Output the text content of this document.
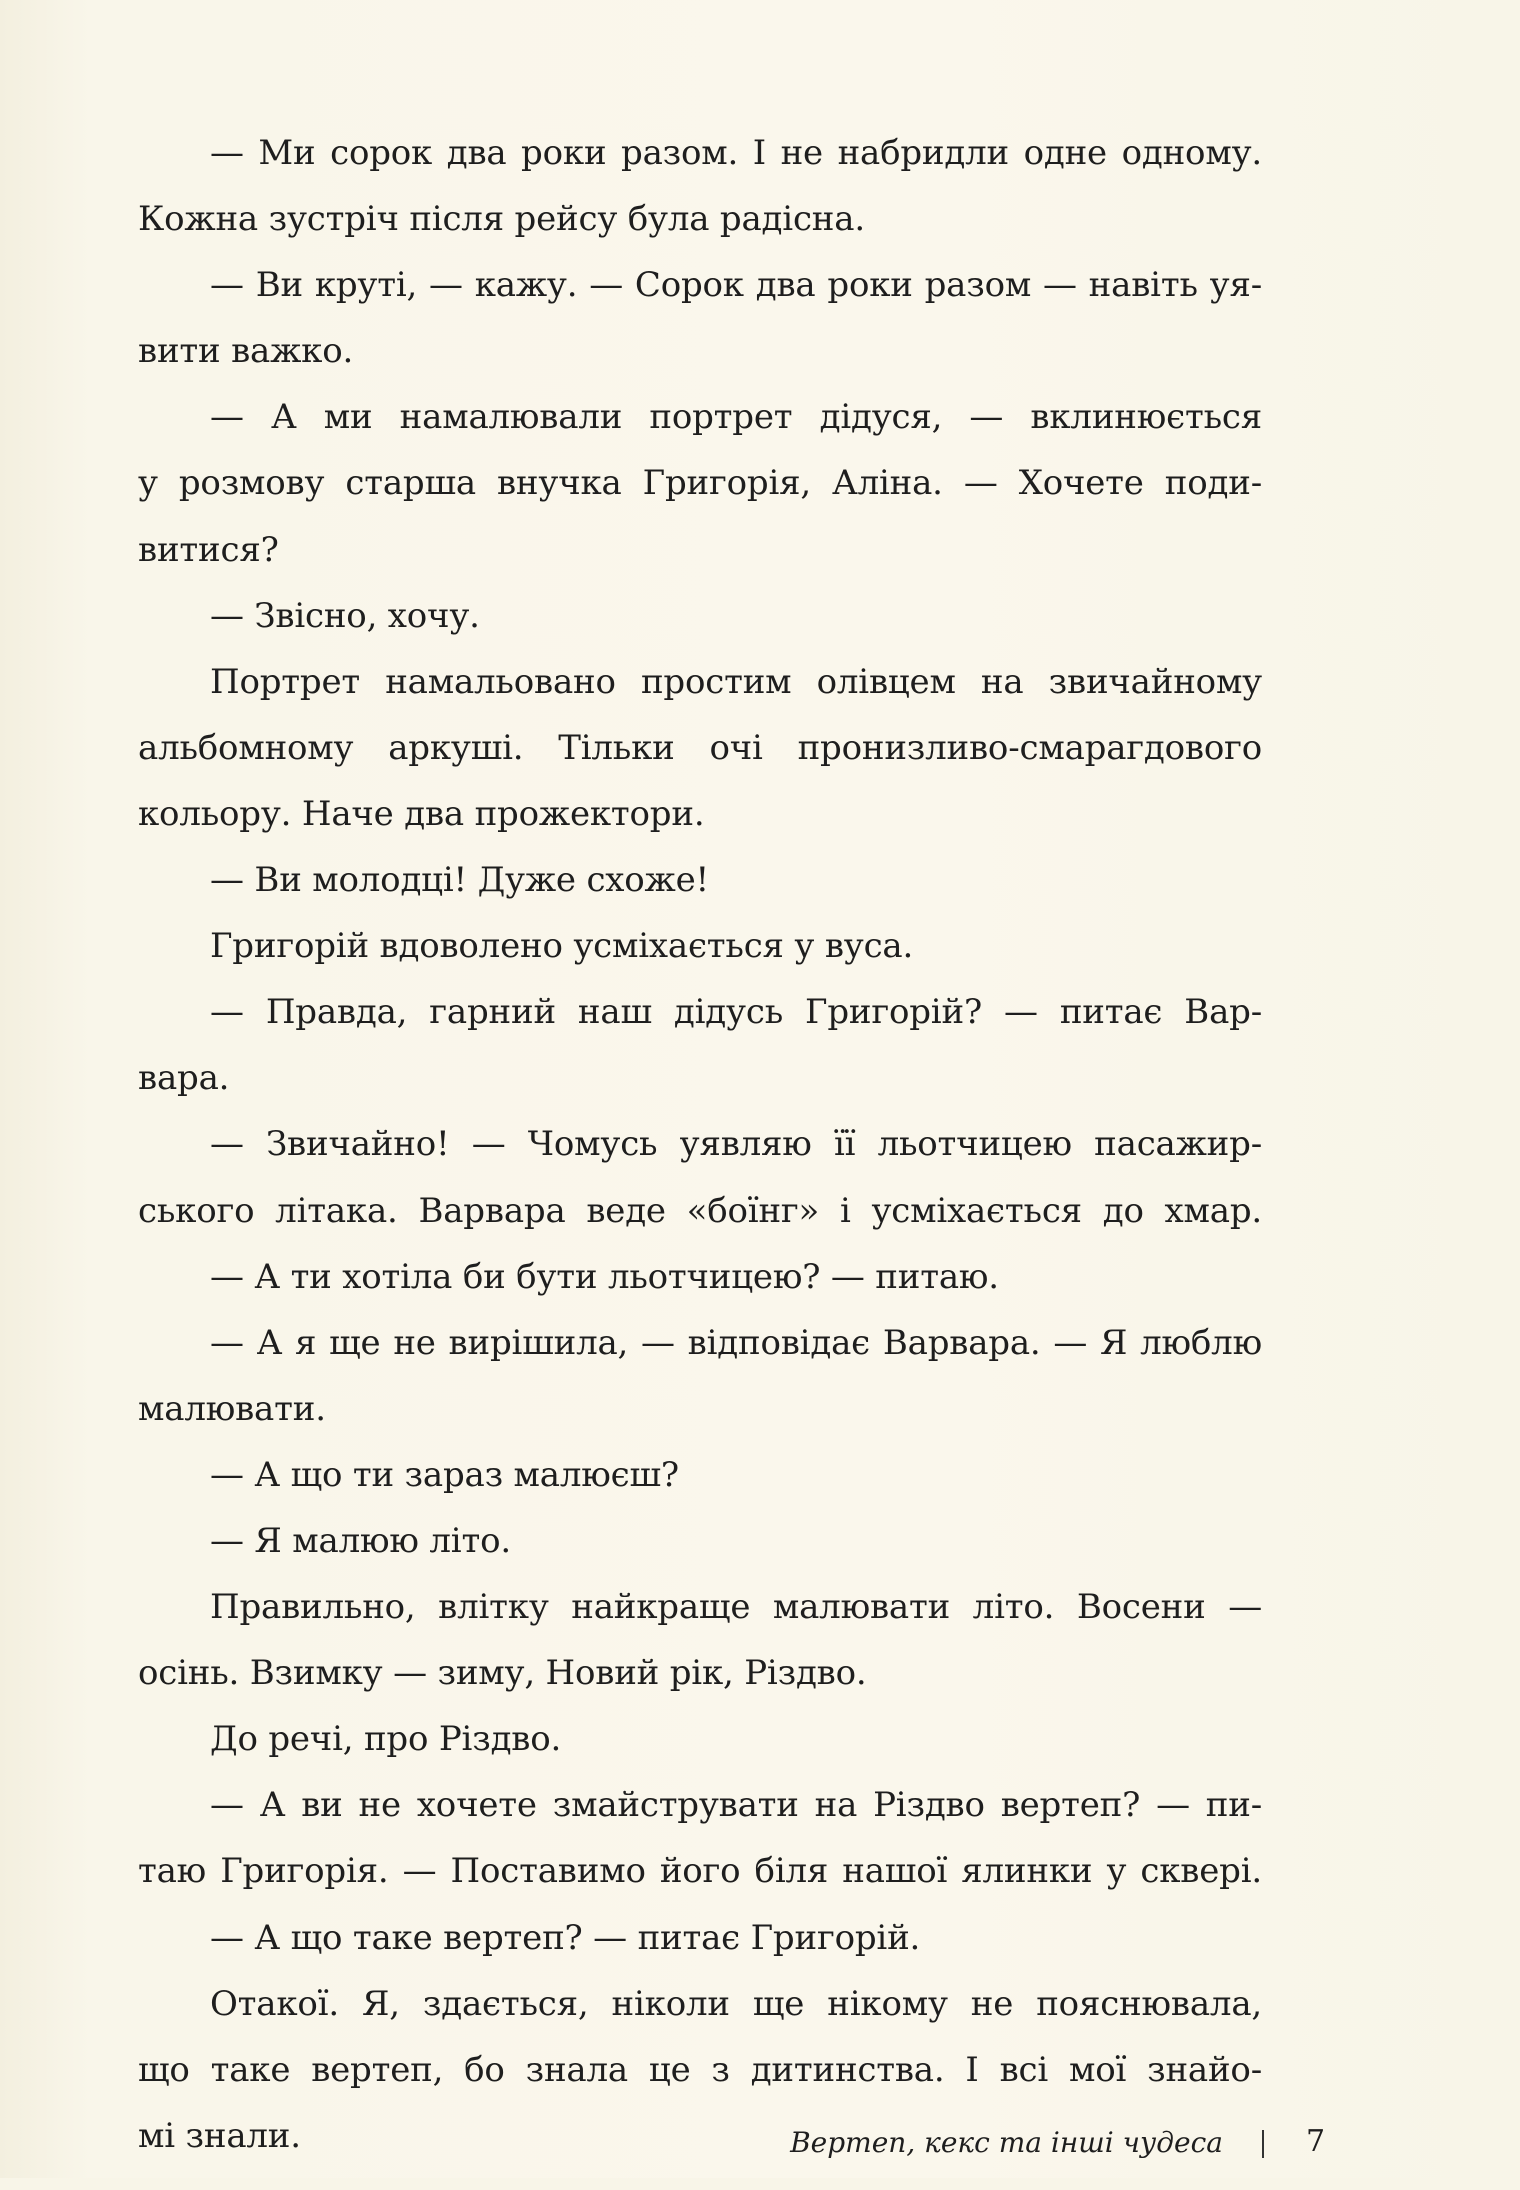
— Ми сорок два роки разом. І не набридли одне одному.
Кожна зустріч після рейсу була радісна.
— Ви круті, — кажу. — Сорок два роки разом — навіть уя-
вити важко.
— А ми намалювали портрет дідуся, — вклинюється
у розмову старша внучка Григорія, Аліна. — Хочете поди-
витися?
— Звісно, хочу.
Портрет намальовано простим олівцем на звичайному
альбомному аркуші. Тільки очі пронизливо-смарагдового
кольору. Наче два прожектори.
— Ви молодці! Дуже схоже!
Григорій вдоволено усміхається у вуса.
— Правда, гарний наш дідусь Григорій? — питає Вар-
вара.
— Звичайно! — Чомусь уявляю її льотчицею пасажир-
ського літака. Варвара веде «боїнг» і усміхається до хмар.
— А ти хотіла би бути льотчицею? — питаю.
— А я ще не вирішила, — відповідає Варвара. — Я люблю
малювати.
— А що ти зараз малюєш?
— Я малюю літо.
Правильно, влітку найкраще малювати літо. Восени —
осінь. Взимку — зиму, Новий рік, Різдво.
До речі, про Різдво.
— А ви не хочете змайструвати на Різдво вертеп? — пи-
таю Григорія. — Поставимо його біля нашої ялинки у сквері.
— А що таке вертеп? — питає Григорій.
Отакої. Я, здається, ніколи ще нікому не пояснювала,
що таке вертеп, бо знала це з дитинства. І всі мої знайо-
мі знали.	Вертеп, кекс та інші чудеса	7
